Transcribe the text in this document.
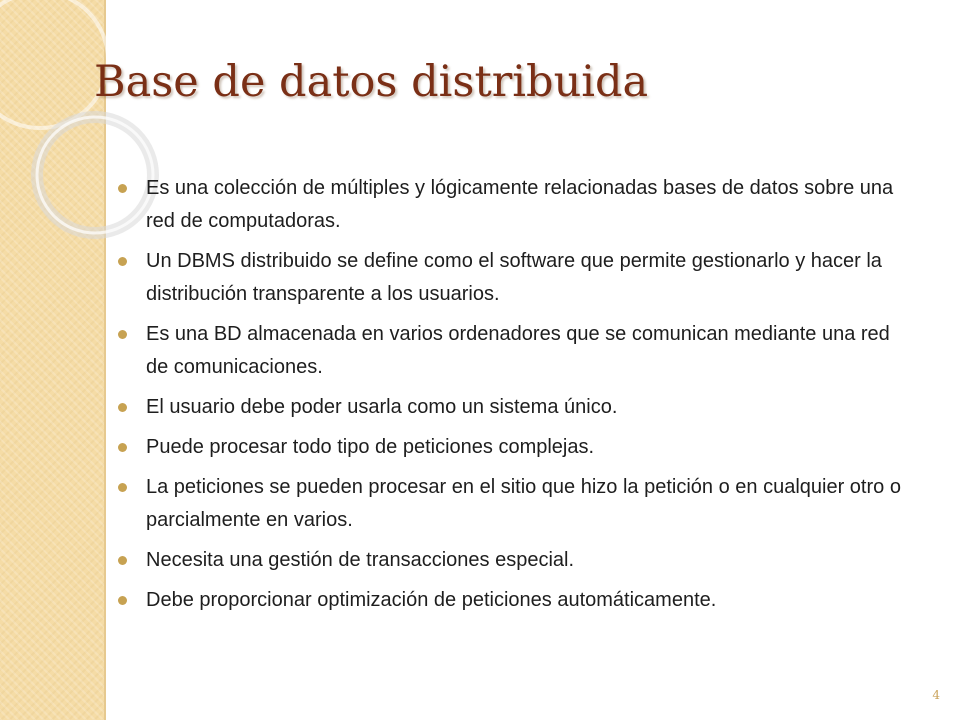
Base de datos distribuida
Es una colección de múltiples y lógicamente relacionadas bases de datos sobre una red de computadoras.
Un DBMS distribuido se define como el software que permite gestionarlo y hacer la distribución transparente a los usuarios.
Es una BD almacenada en varios ordenadores que se comunican mediante una red de comunicaciones.
El usuario debe poder usarla como un sistema único.
Puede procesar todo tipo de peticiones complejas.
La peticiones se pueden procesar en el sitio que hizo la petición o en cualquier otro o parcialmente en varios.
Necesita una gestión de transacciones especial.
Debe proporcionar optimización de peticiones automáticamente.
4
